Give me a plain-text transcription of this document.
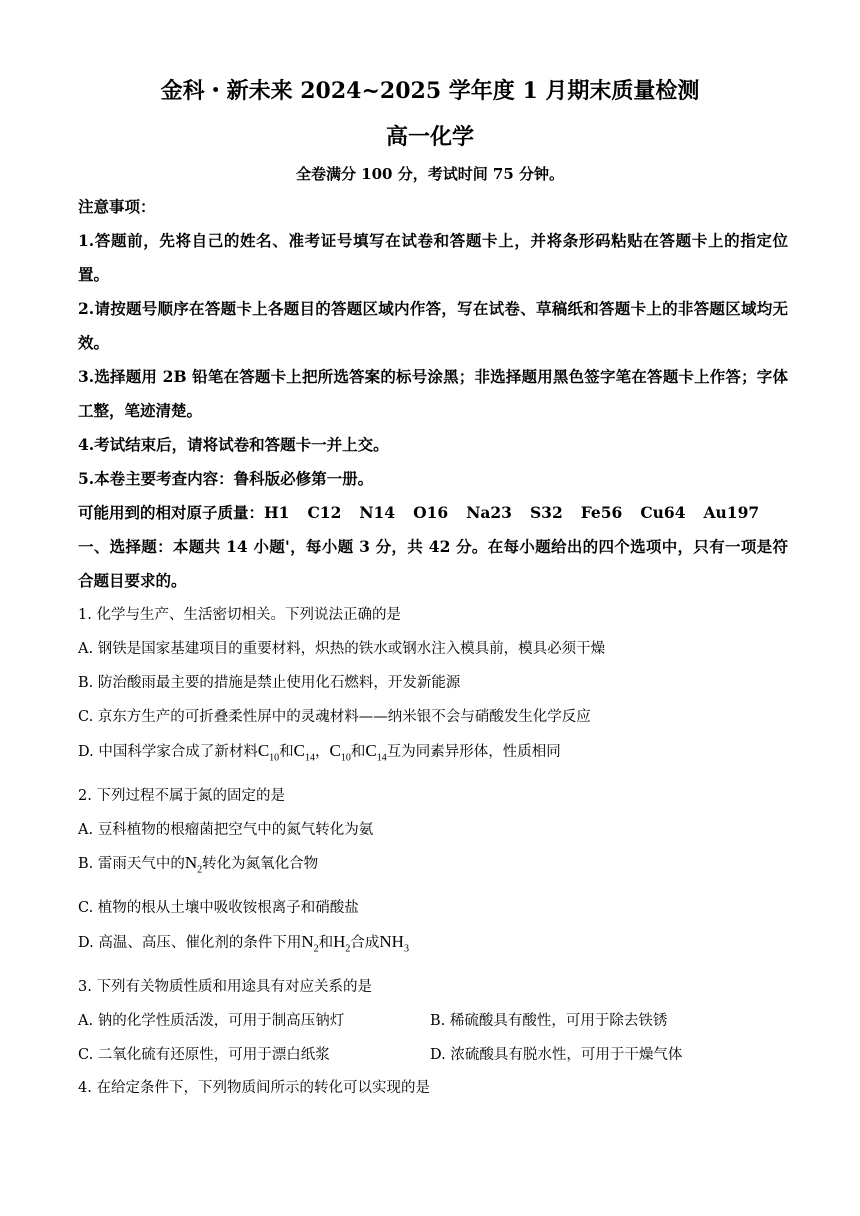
金科・新未来 2024~2025 学年度 1 月期末质量检测
高一化学
全卷满分 100 分，考试时间 75 分钟。
注意事项：
1.答题前，先将自己的姓名、准考证号填写在试卷和答题卡上，并将条形码粘贴在答题卡上的指定位置。
2.请按题号顺序在答题卡上各题目的答题区域内作答，写在试卷、草稿纸和答题卡上的非答题区域均无效。
3.选择题用 2B 铅笔在答题卡上把所选答案的标号涂黑；非选择题用黑色签字笔在答题卡上作答；字体工整，笔迹清楚。
4.考试结束后，请将试卷和答题卡一并上交。
5.本卷主要考查内容：鲁科版必修第一册。
可能用到的相对原子质量：H1 C12 N14 O16 Na23 S32 Fe56 Cu64 Au197
一、选择题：本题共 14 小题'，每小题 3 分，共 42 分。在每小题给出的四个选项中，只有一项是符合题目要求的。
1. 化学与生产、生活密切相关。下列说法正确的是
A. 钢铁是国家基建项目的重要材料，炽热的铁水或钢水注入模具前，模具必须干燥
B. 防治酸雨最主要的措施是禁止使用化石燃料，开发新能源
C. 京东方生产的可折叠柔性屏中的灵魂材料——纳米银不会与硝酸发生化学反应
D. 中国科学家合成了新材料$C_{10}$和$C_{14}$，$C_{10}$和$C_{14}$互为同素异形体，性质相同
2. 下列过程不属于氮的固定的是
A. 豆科植物的根瘤菌把空气中的氮气转化为氨
B. 雷雨天气中的$N_2$转化为氮氧化合物
C. 植物的根从土壤中吸收铵根离子和硝酸盐
D. 高温、高压、催化剂的条件下用$N_2$和$H_2$合成$NH_3$
3. 下列有关物质性质和用途具有对应关系的是
A. 钠的化学性质活泼，可用于制高压钠灯	B. 稀硫酸具有酸性，可用于除去铁锈
C. 二氧化硫有还原性，可用于漂白纸浆	D. 浓硫酸具有脱水性，可用于干燥气体
4. 在给定条件下，下列物质间所示的转化可以实现的是
